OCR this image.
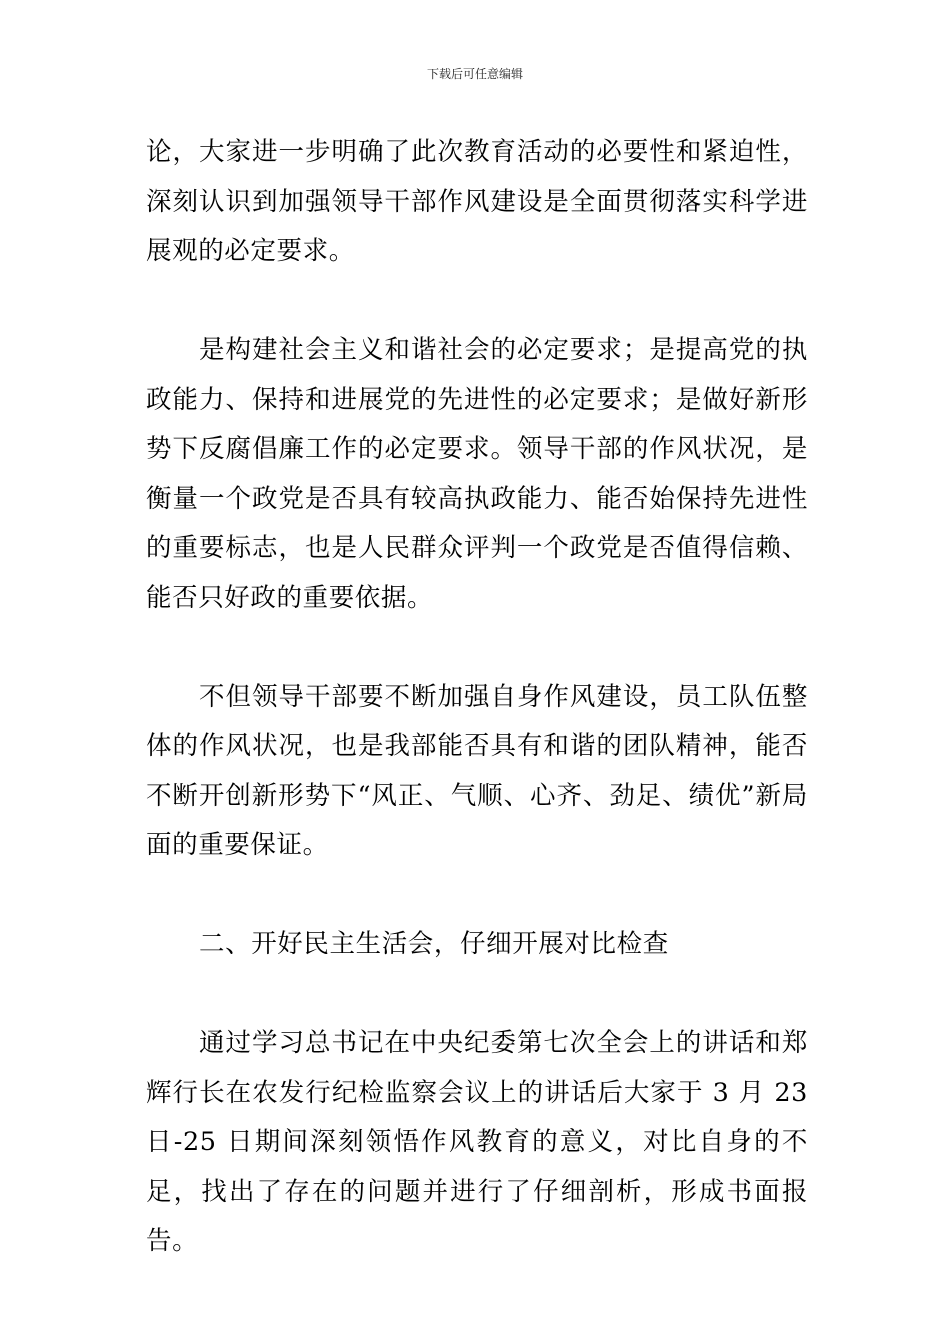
下载后可任意编辑

论，大家进一步明确了此次教育活动的必要性和紧迫性，深刻认识到加强领导干部作风建设是全面贯彻落实科学进展观的必定要求。

是构建社会主义和谐社会的必定要求；是提高党的执政能力、保持和进展党的先进性的必定要求；是做好新形势下反腐倡廉工作的必定要求。领导干部的作风状况，是衡量一个政党是否具有较高执政能力、能否始保持先进性的重要标志，也是人民群众评判一个政党是否值得信赖、能否只好政的重要依据。

不但领导干部要不断加强自身作风建设，员工队伍整体的作风状况，也是我部能否具有和谐的团队精神，能否不断开创新形势下“风正、气顺、心齐、劲足、绩优”新局面的重要保证。

二、开好民主生活会，仔细开展对比检查

通过学习总书记在中央纪委第七次全会上的讲话和郑辉行长在农发行纪检监察会议上的讲话后大家于 3 月 23 日-25 日期间深刻领悟作风教育的意义，对比自身的不足，找出了存在的问题并进行了仔细剖析，形成书面报告。
